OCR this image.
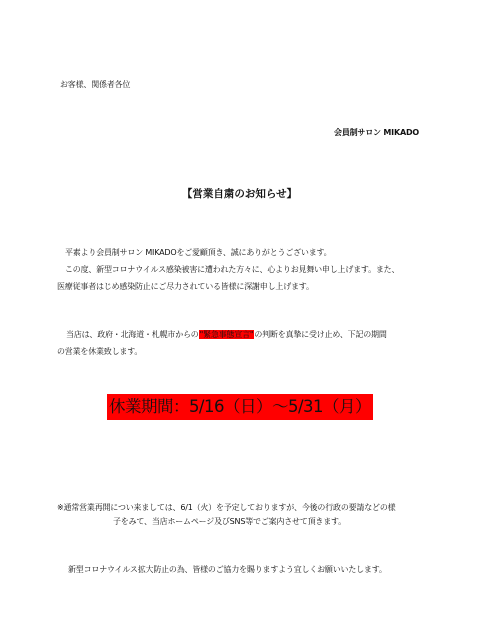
お客様、関係者各位
会員制サロン MIKADO
【営業自粛のお知らせ】
平素より会員制サロン MIKADOをご愛顧頂き、誠にありがとうございます。
この度、新型コロナウイルス感染被害に遭われた方々に、心よりお見舞い申し上げます。また、
医療従事者はじめ感染防止にご尽力されている皆様に深謝申し上げます。
当店は、政府・北海道・札幌市からの"緊急事態宣言"の判断を真摯に受け止め、下記の期間
の営業を休業致します。
休業期間：5/16（日）～5/31（月）
※通常営業再開につい来ましては、6/1（火）を予定しておりますが、今後の行政の要請などの様
子をみて、当店ホームページ及びSNS等でご案内させて頂きます。
新型コロナウイルス拡大防止の為、皆様のご協力を賜りますよう宜しくお願いいたします。
